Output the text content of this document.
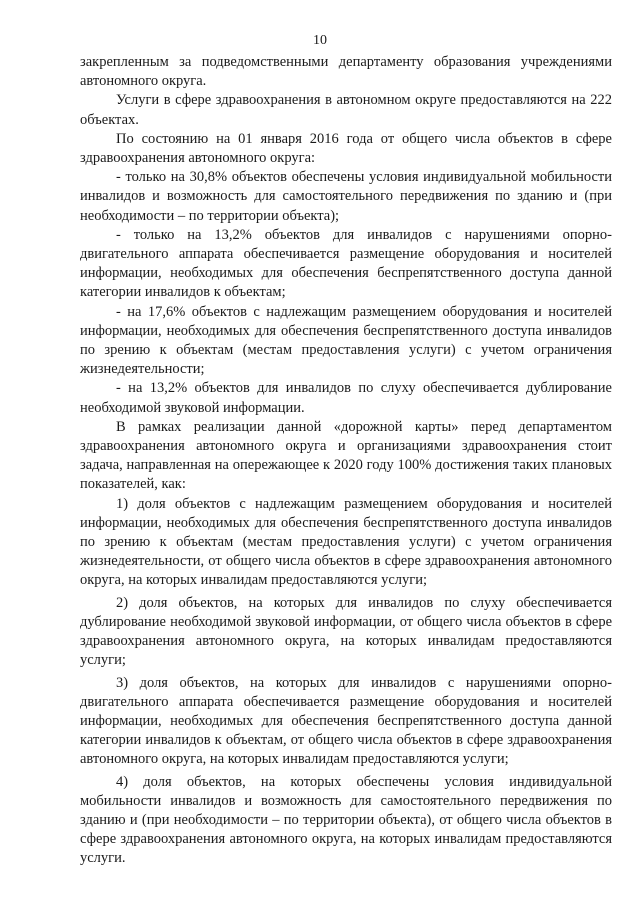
10

закрепленным за подведомственными департаменту образования учреждениями автономного округа.

Услуги в сфере здравоохранения в автономном округе предоставляются на 222 объектах.

По состоянию на 01 января 2016 года от общего числа объектов в сфере здравоохранения автономного округа:

- только на 30,8% объектов обеспечены условия индивидуальной мобильности инвалидов и возможность для самостоятельного передвижения по зданию и (при необходимости – по территории объекта);

- только на 13,2% объектов для инвалидов с нарушениями опорно-двигательного аппарата обеспечивается размещение оборудования и носителей информации, необходимых для обеспечения беспрепятственного доступа данной категории инвалидов к объектам;

- на 17,6% объектов с надлежащим размещением оборудования и носителей информации, необходимых для обеспечения беспрепятственного доступа инвалидов по зрению к объектам (местам предоставления услуги) с учетом ограничения жизнедеятельности;

- на 13,2% объектов для инвалидов по слуху обеспечивается дублирование необходимой звуковой информации.

В рамках реализации данной «дорожной карты» перед департаментом здравоохранения автономного округа и организациями здравоохранения стоит задача, направленная на опережающее к 2020 году 100% достижения таких плановых показателей, как:

1) доля объектов с надлежащим размещением оборудования и носителей информации, необходимых для обеспечения беспрепятственного доступа инвалидов по зрению к объектам (местам предоставления услуги) с учетом ограничения жизнедеятельности, от общего числа объектов в сфере здравоохранения автономного округа, на которых инвалидам предоставляются услуги;

2) доля объектов, на которых для инвалидов по слуху обеспечивается дублирование необходимой звуковой информации, от общего числа объектов в сфере здравоохранения автономного округа, на которых инвалидам предоставляются услуги;

3) доля объектов, на которых для инвалидов с нарушениями опорно-двигательного аппарата обеспечивается размещение оборудования и носителей информации, необходимых для обеспечения беспрепятственного доступа данной категории инвалидов к объектам, от общего числа объектов в сфере здравоохранения автономного округа, на которых инвалидам предоставляются услуги;

4) доля объектов, на которых обеспечены условия индивидуальной мобильности инвалидов и возможность для самостоятельного передвижения по зданию и (при необходимости – по территории объекта), от общего числа объектов в сфере здравоохранения автономного округа, на которых инвалидам предоставляются услуги.
